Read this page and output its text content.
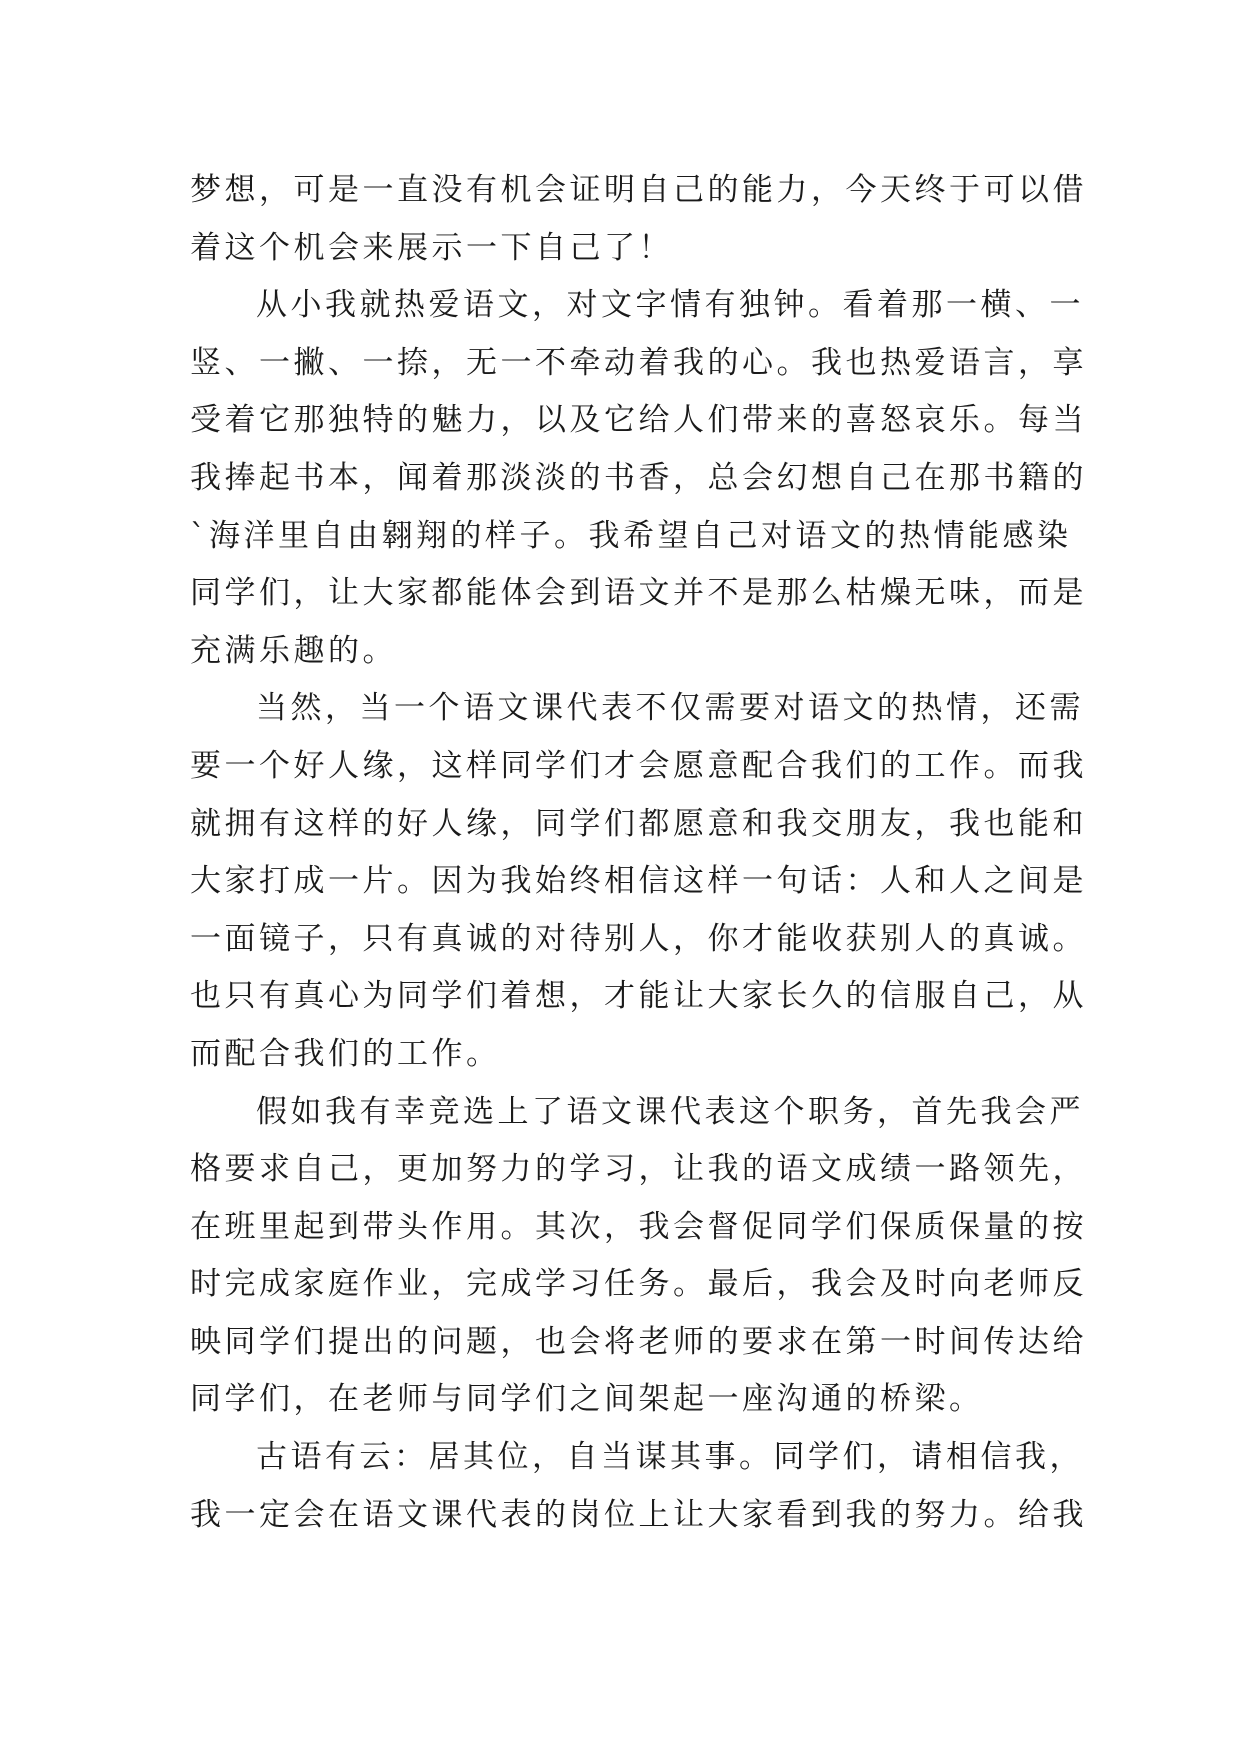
梦想，可是一直没有机会证明自己的能力，今天终于可以借
着这个机会来展示一下自己了！
从小我就热爱语文，对文字情有独钟。看着那一横、一
竖、一撇、一捺，无一不牵动着我的心。我也热爱语言，享
受着它那独特的魅力，以及它给人们带来的喜怒哀乐。每当
我捧起书本，闻着那淡淡的书香，总会幻想自己在那书籍的
`海洋里自由翱翔的样子。我希望自己对语文的热情能感染
同学们，让大家都能体会到语文并不是那么枯燥无味，而是
充满乐趣的。
当然，当一个语文课代表不仅需要对语文的热情，还需
要一个好人缘，这样同学们才会愿意配合我们的工作。而我
就拥有这样的好人缘，同学们都愿意和我交朋友，我也能和
大家打成一片。因为我始终相信这样一句话：人和人之间是
一面镜子，只有真诚的对待别人，你才能收获别人的真诚。
也只有真心为同学们着想，才能让大家长久的信服自己，从
而配合我们的工作。
假如我有幸竞选上了语文课代表这个职务，首先我会严
格要求自己，更加努力的学习，让我的语文成绩一路领先，
在班里起到带头作用。其次，我会督促同学们保质保量的按
时完成家庭作业，完成学习任务。最后，我会及时向老师反
映同学们提出的问题，也会将老师的要求在第一时间传达给
同学们，在老师与同学们之间架起一座沟通的桥梁。
古语有云：居其位，自当谋其事。同学们，请相信我，
我一定会在语文课代表的岗位上让大家看到我的努力。给我
